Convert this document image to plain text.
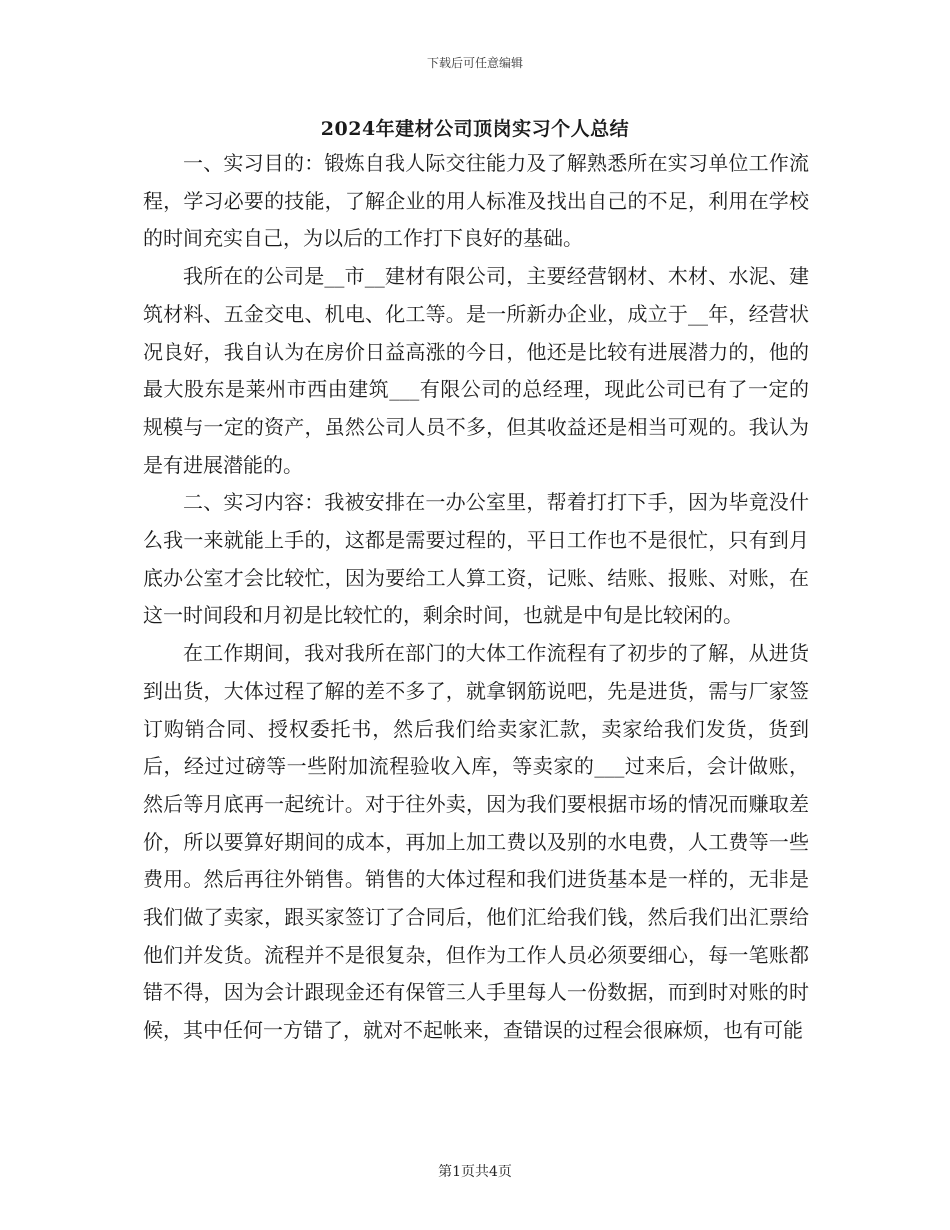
下载后可任意编辑
2024年建材公司顶岗实习个人总结

一、实习目的：锻炼自我人际交往能力及了解熟悉所在实习单位工作流程，学习必要的技能，了解企业的用人标准及找出自己的不足，利用在学校的时间充实自己，为以后的工作打下良好的基础。

我所在的公司是__市__建材有限公司，主要经营钢材、木材、水泥、建筑材料、五金交电、机电、化工等。是一所新办企业，成立于__年，经营状况良好，我自认为在房价日益高涨的今日，他还是比较有进展潜力的，他的最大股东是莱州市西由建筑___有限公司的总经理，现此公司已有了一定的规模与一定的资产，虽然公司人员不多，但其收益还是相当可观的。我认为是有进展潜能的。

二、实习内容：我被安排在一办公室里，帮着打打下手，因为毕竟没什么我一来就能上手的，这都是需要过程的，平日工作也不是很忙，只有到月底办公室才会比较忙，因为要给工人算工资，记账、结账、报账、对账，在这一时间段和月初是比较忙的，剩余时间，也就是中旬是比较闲的。

在工作期间，我对我所在部门的大体工作流程有了初步的了解，从进货到出货，大体过程了解的差不多了，就拿钢筋说吧，先是进货，需与厂家签订购销合同、授权委托书，然后我们给卖家汇款，卖家给我们发货，货到后，经过过磅等一些附加流程验收入库，等卖家的___过来后，会计做账，然后等月底再一起统计。对于往外卖，因为我们要根据市场的情况而赚取差价，所以要算好期间的成本，再加上加工费以及别的水电费，人工费等一些费用。然后再往外销售。销售的大体过程和我们进货基本是一样的，无非是我们做了卖家，跟买家签订了合同后，他们汇给我们钱，然后我们出汇票给他们并发货。流程并不是很复杂，但作为工作人员必须要细心，每一笔账都错不得，因为会计跟现金还有保管三人手里每人一份数据，而到时对账的时候，其中任何一方错了，就对不起帐来，查错误的过程会很麻烦，也有可能

第1页共4页
